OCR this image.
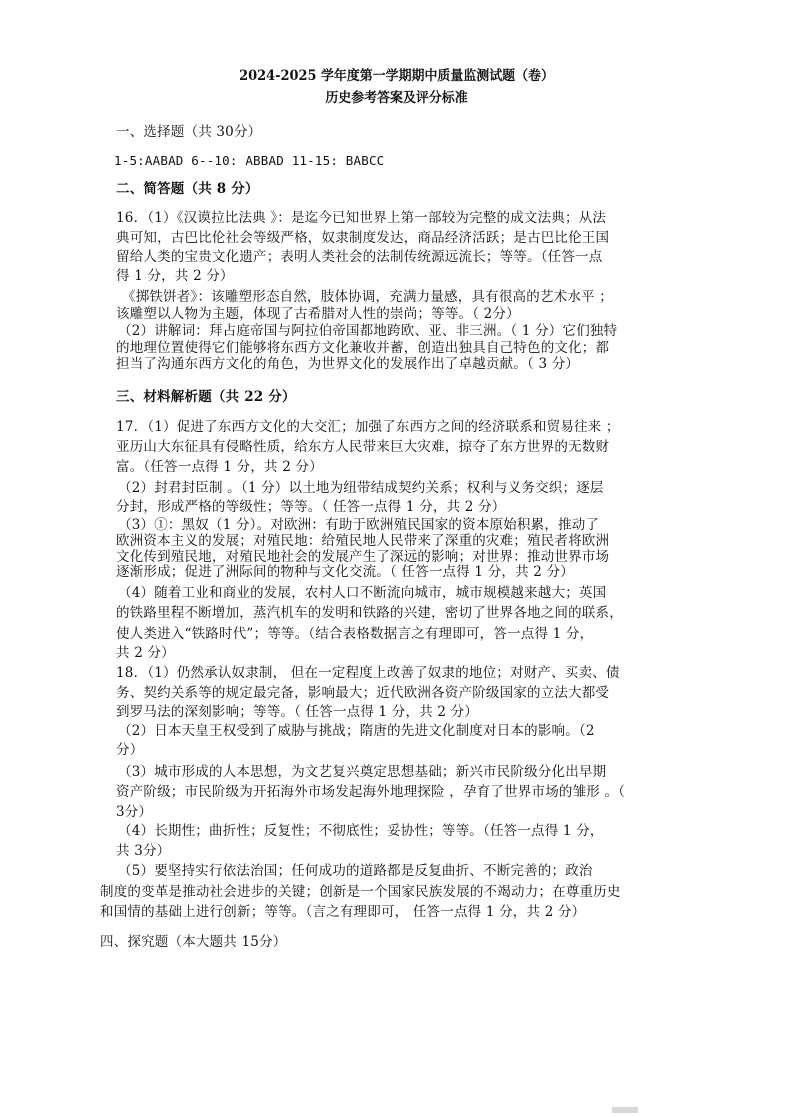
2024-2025 学年度第一学期期中质量监测试题（卷）
历史参考答案及评分标准
一、选择题（共 30分）
1-5:AABAD 6--10: ABBAD 11-15: BABCC
二、简答题（共 8 分）
16．（1）《汉谟拉比法典 》：是迄今已知世界上第一部较为完整的成文法典；从法
典可知，古巴比伦社会等级严格，奴隶制度发达，商品经济活跃；是古巴比伦王国
留给人类的宝贵文化遗产；表明人类社会的法制传统源远流长；等等。（任答一点
得 1 分，共 2 分）
《掷铁饼者》：该雕塑形态自然，肢体协调，充满力量感，具有很高的艺术水平 ；
该雕塑以人物为主题，体现了古希腊对人性的崇尚；等等。（ 2分）
（2）讲解词：拜占庭帝国与阿拉伯帝国都地跨欧、亚、非三洲。（ 1 分）它们独特
的地理位置使得它们能够将东西方文化兼收并蓄，创造出独具自己特色的文化；都
担当了沟通东西方文化的角色，为世界文化的发展作出了卓越贡献。（ 3 分）
三、材料解析题（共 22 分）
17．（1）促进了东西方文化的大交汇；加强了东西方之间的经济联系和贸易往来 ；
亚历山大东征具有侵略性质，给东方人民带来巨大灾难，掠夺了东方世界的无数财
富。（任答一点得 1 分，共 2 分）
（2）封君封臣制 。（1 分）以土地为纽带结成契约关系；权利与义务交织；逐层
分封，形成严格的等级性；等等。（ 任答一点得 1 分，共 2 分）
（3）①：黑奴（1 分）。对欧洲：有助于欧洲殖民国家的资本原始积累，推动了
欧洲资本主义的发展；对殖民地：给殖民地人民带来了深重的灾难；殖民者将欧洲
文化传到殖民地，对殖民地社会的发展产生了深远的影响；对世界：推动世界市场
逐渐形成；促进了洲际间的物种与文化交流。（ 任答一点得 1 分，共 2 分）
（4）随着工业和商业的发展，农村人口不断流向城市，城市规模越来越大；英国
的铁路里程不断增加，蒸汽机车的发明和铁路的兴建，密切了世界各地之间的联系，
使人类进入“铁路时代”；等等。（结合表格数据言之有理即可，答一点得 1 分，
共 2 分）
18．（1）仍然承认奴隶制， 但在一定程度上改善了奴隶的地位；对财产、买卖、债
务、契约关系等的规定最完备，影响最大；近代欧洲各资产阶级国家的立法大都受
到罗马法的深刻影响；等等。（ 任答一点得 1 分，共 2 分）
（2）日本天皇王权受到了威胁与挑战；隋唐的先进文化制度对日本的影响。（2
分）
（3）城市形成的人本思想，为文艺复兴奠定思想基础；新兴市民阶级分化出早期
资产阶级；市民阶级为开拓海外市场发起海外地理探险 ，孕育了世界市场的雏形 。（
3分）
（4）长期性；曲折性；反复性；不彻底性；妥协性；等等。（任答一点得 1 分，
共 3分）
（5）要坚持实行依法治国；任何成功的道路都是反复曲折、不断完善的；政治
制度的变革是推动社会进步的关键；创新是一个国家民族发展的不竭动力；在尊重历史
和国情的基础上进行创新；等等。（言之有理即可， 任答一点得 1 分，共 2 分）
四、探究题（本大题共 15分）
